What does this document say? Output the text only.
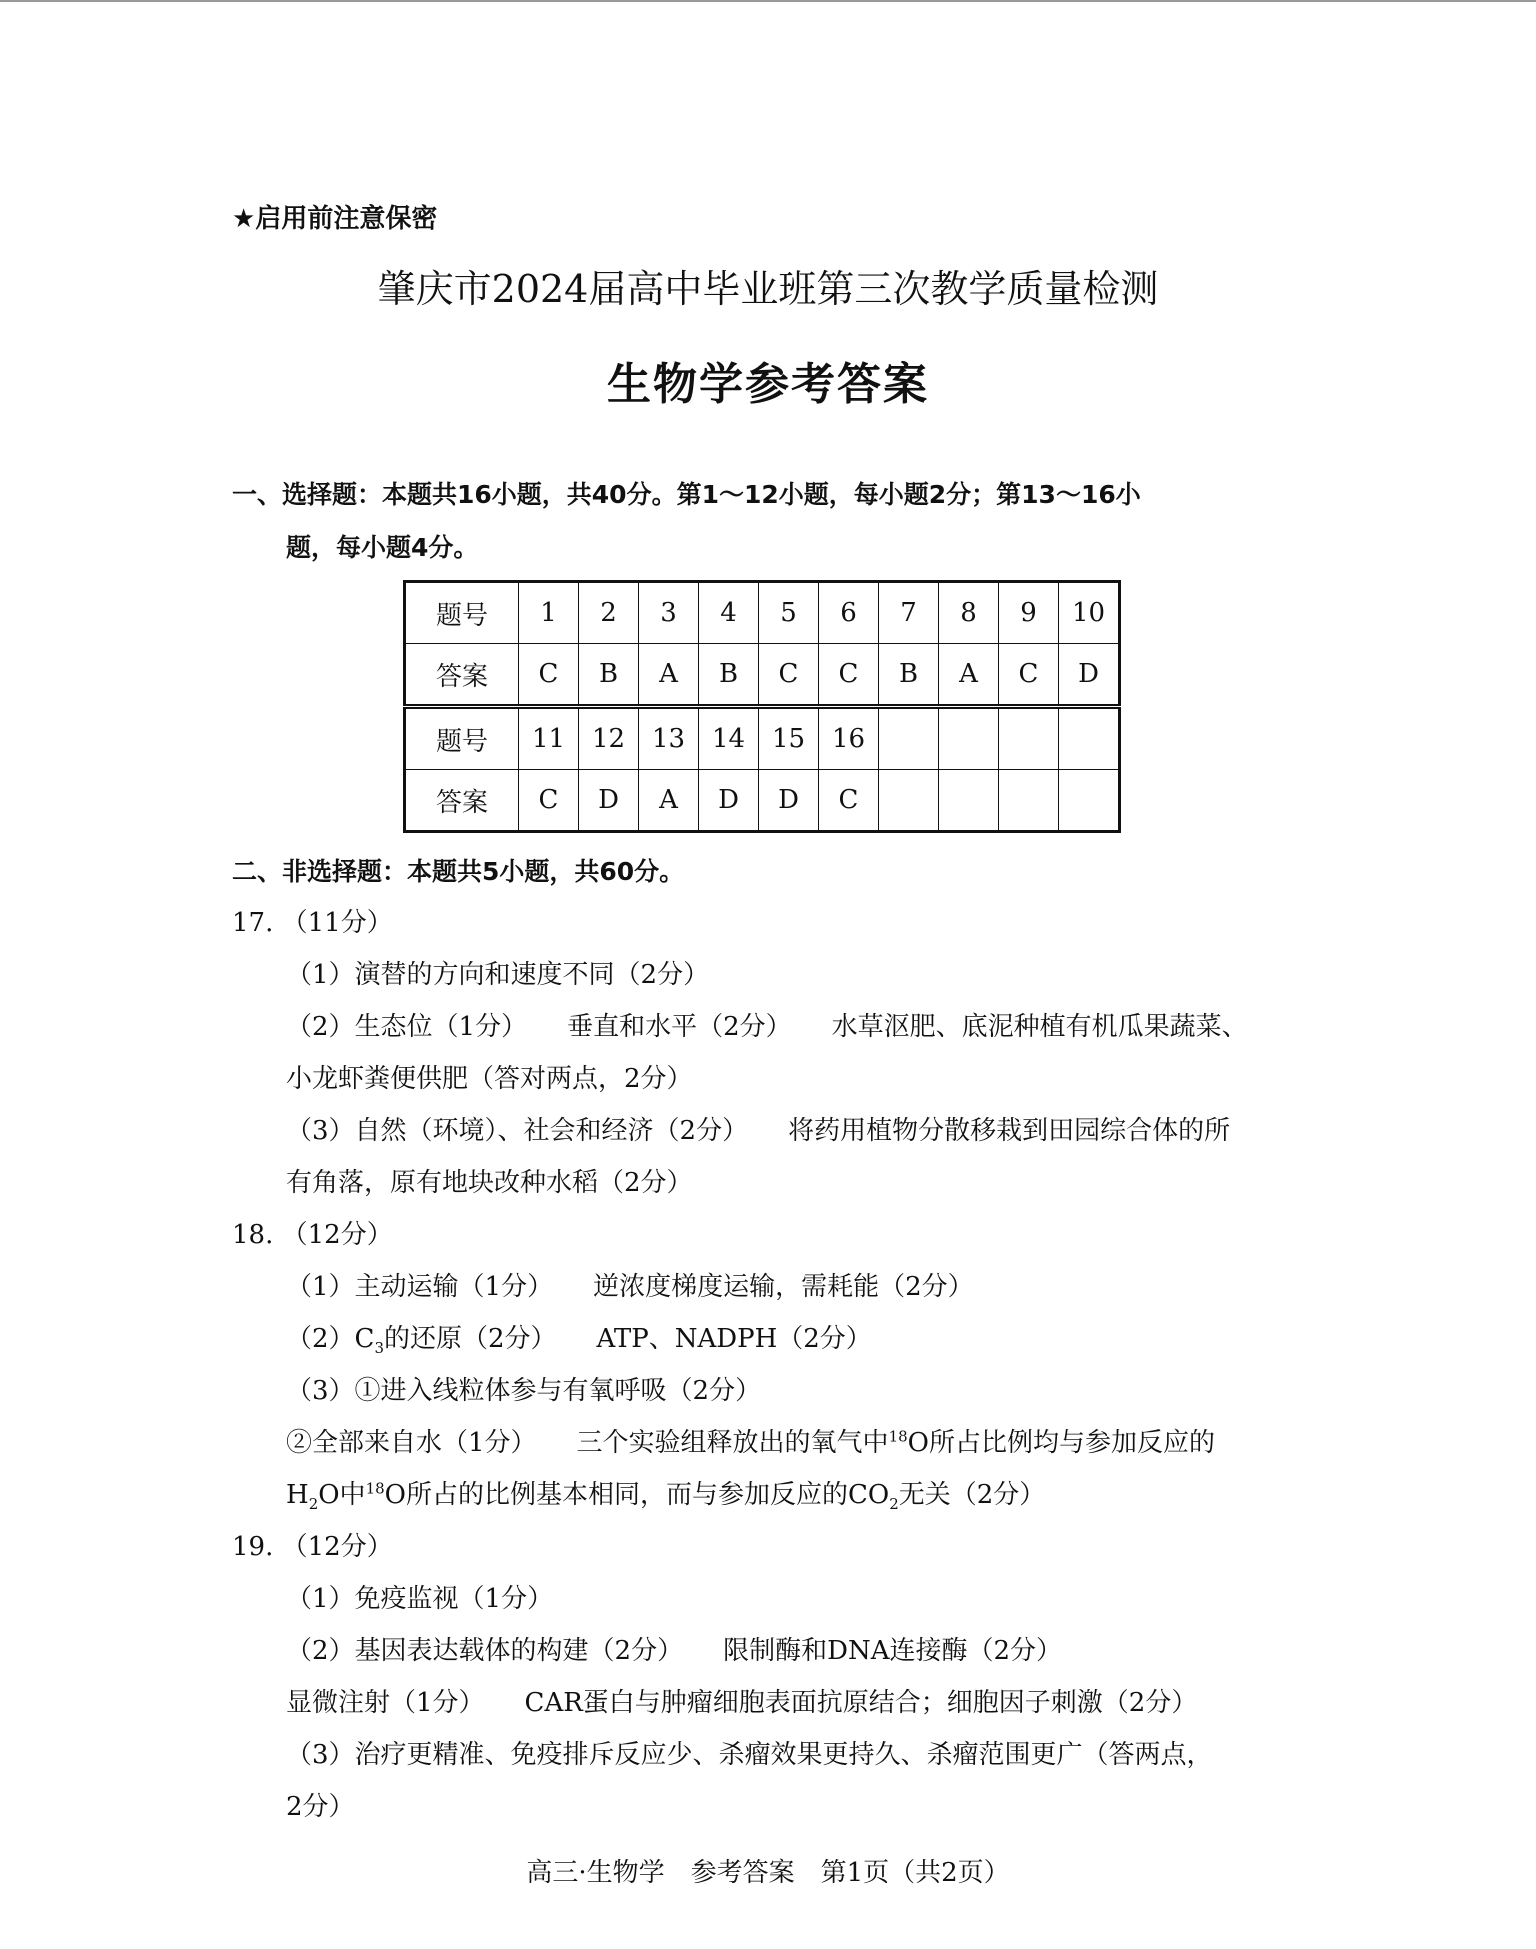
★启用前注意保密
肇庆市2024届高中毕业班第三次教学质量检测
生物学参考答案
一、选择题：本题共16小题，共40分。第1～12小题，每小题2分；第13～16小
题，每小题4分。
题号	1	2	3	4	5	6	7	8	9	10
答案	C	B	A	B	C	C	B	A	C	D
题号	11	12	13	14	15	16				
答案	C	D	A	D	D	C				
二、非选择题：本题共5小题，共60分。
17. （11分）
（1）演替的方向和速度不同（2分）
（2）生态位（1分） 垂直和水平（2分） 水草沤肥、底泥种植有机瓜果蔬菜、
小龙虾粪便供肥（答对两点，2分）
（3）自然（环境）、社会和经济（2分） 将药用植物分散移栽到田园综合体的所
有角落，原有地块改种水稻（2分）
18. （12分）
（1）主动运输（1分） 逆浓度梯度运输，需耗能（2分）
$(2)C_3$的还原（2分） ATP、NADPH（2分）
（3）①进入线粒体参与有氧呼吸（2分）
②全部来自水（1分） 三个实验组释放出的氧气中$^{18}$O所占比例均与参加反应的
$H_2O$中$^{18}$O所占的比例基本相同，而与参加反应的$CO_2$无关（2分）
19. （12分）
（1）免疫监视（1分）
（2）基因表达载体的构建（2分） 限制酶和DNA连接酶（2分）
显微注射（1分） CAR蛋白与肿瘤细胞表面抗原结合；细胞因子刺激（2分）
（3）治疗更精准、免疫排斥反应少、杀瘤效果更持久、杀瘤范围更广（答两点，
2分）
高三·生物学　参考答案　第1页（共2页）
